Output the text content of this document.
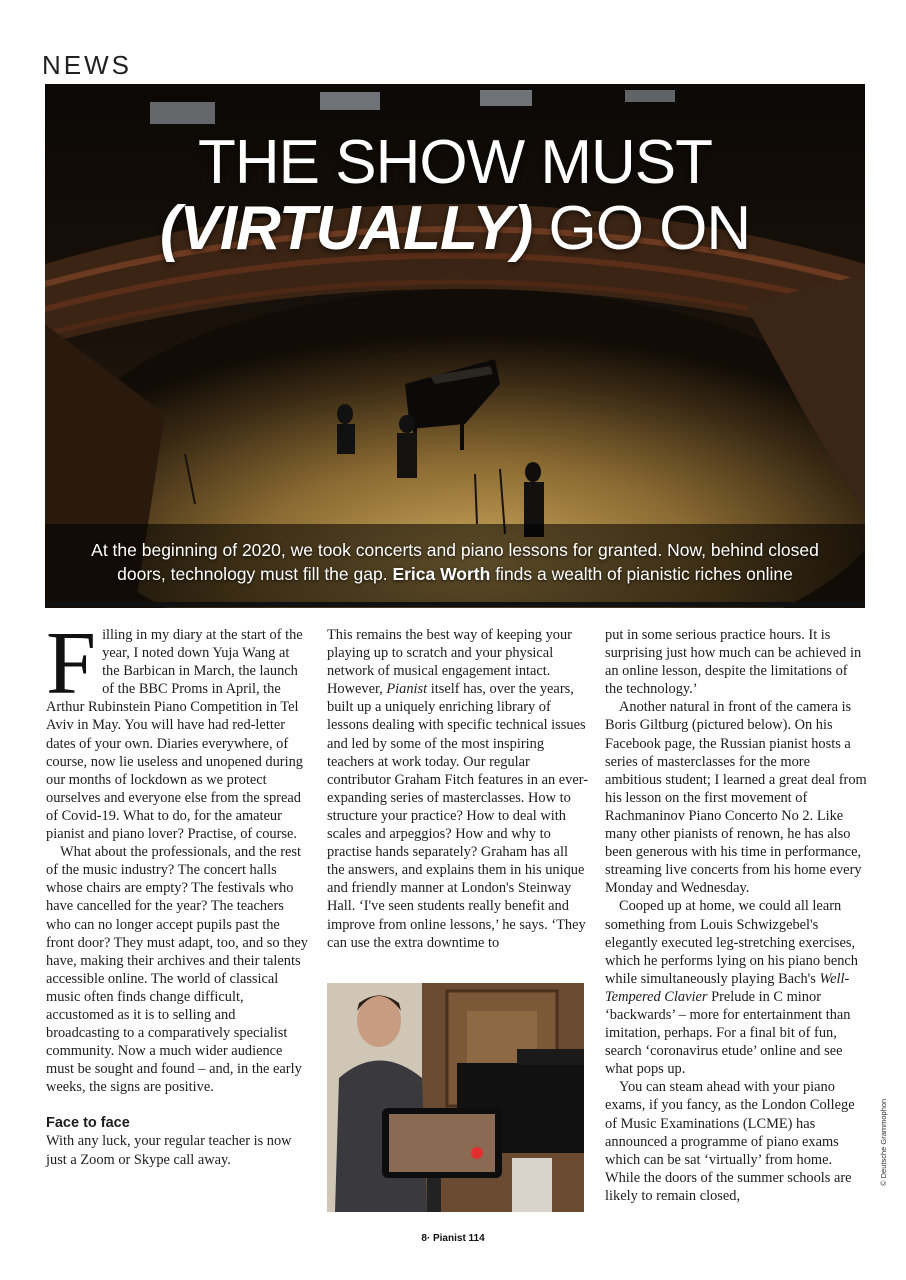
NEWS
THE SHOW MUST
(VIRTUALLY) GO ON
At the beginning of 2020, we took concerts and piano lessons for granted. Now, behind closed doors, technology must fill the gap. Erica Worth finds a wealth of pianistic riches online

Filling in my diary at the start of the year, I noted down Yuja Wang at the Barbican in March, the launch of the BBC Proms in April, the Arthur Rubinstein Piano Competition in Tel Aviv in May. You will have had red-letter dates of your own. Diaries everywhere, of course, now lie useless and unopened during our months of lockdown as we protect ourselves and everyone else from the spread of Covid-19. What to do, for the amateur pianist and piano lover? Practise, of course.

What about the professionals, and the rest of the music industry? The concert halls whose chairs are empty? The festivals who have cancelled for the year? The teachers who can no longer accept pupils past the front door? They must adapt, too, and so they have, making their archives and their talents accessible online. The world of classical music often finds change difficult, accustomed as it is to selling and broadcasting to a comparatively specialist community. Now a much wider audience must be sought and found – and, in the early weeks, the signs are positive.

Face to face

With any luck, your regular teacher is now just a Zoom or Skype call away.

This remains the best way of keeping your playing up to scratch and your physical network of musical engagement intact. However, Pianist itself has, over the years, built up a uniquely enriching library of lessons dealing with specific technical issues and led by some of the most inspiring teachers at work today. Our regular contributor Graham Fitch features in an ever-expanding series of masterclasses. How to structure your practice? How to deal with scales and arpeggios? How and why to practise hands separately? Graham has all the answers, and explains them in his unique and friendly manner at London's Steinway Hall. ‘I've seen students really benefit and improve from online lessons,’ he says. ‘They can use the extra downtime to

put in some serious practice hours. It is surprising just how much can be achieved in an online lesson, despite the limitations of the technology.’

Another natural in front of the camera is Boris Giltburg (pictured below). On his Facebook page, the Russian pianist hosts a series of masterclasses for the more ambitious student; I learned a great deal from his lesson on the first movement of Rachmaninov Piano Concerto No 2. Like many other pianists of renown, he has also been generous with his time in performance, streaming live concerts from his home every Monday and Wednesday.

Cooped up at home, we could all learn something from Louis Schwizgebel's elegantly executed leg-stretching exercises, which he performs lying on his piano bench while simultaneously playing Bach's Well-Tempered Clavier Prelude in C minor ‘backwards’ – more for entertainment than imitation, perhaps. For a final bit of fun, search ‘coronavirus etude’ online and see what pops up.

You can steam ahead with your piano exams, if you fancy, as the London College of Music Examinations (LCME) has announced a programme of piano exams which can be sat ‘virtually’ from home. While the doors of the summer schools are likely to remain closed,

© Deutsche Grammophon
8· Pianist 114
